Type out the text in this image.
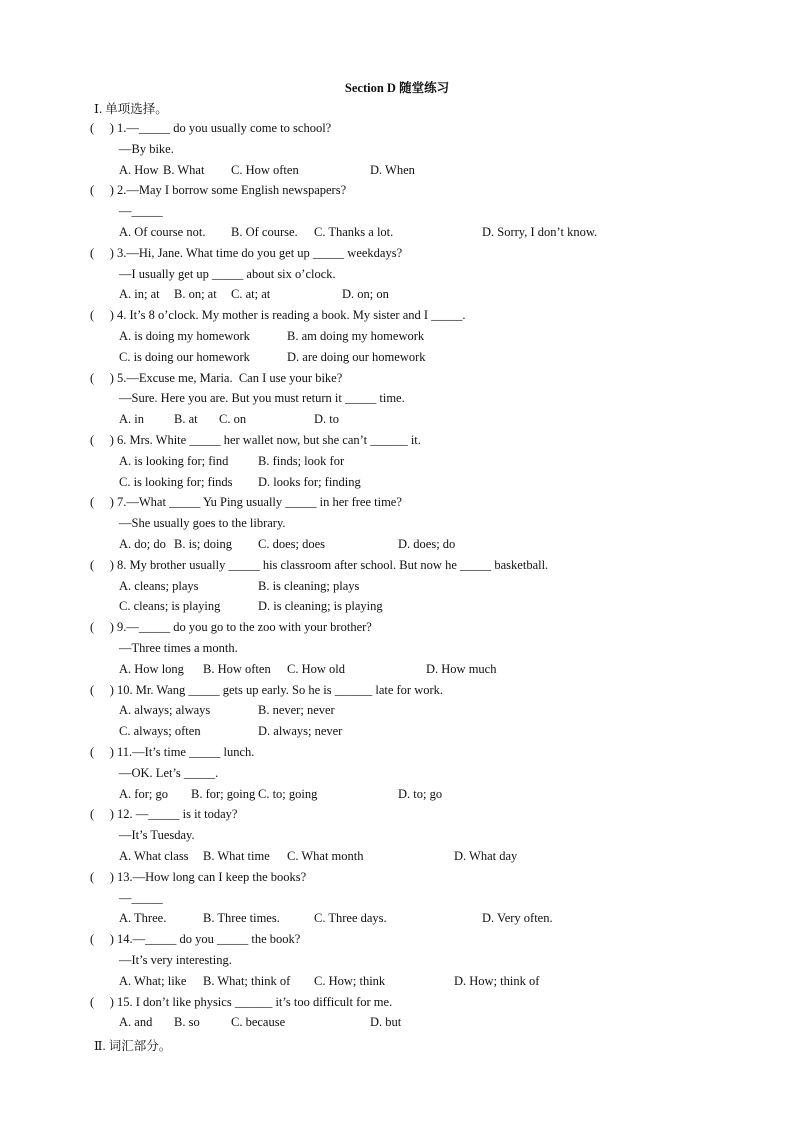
Section D 随堂练习
Ⅰ. 单项选择。
(     ) 1.—_____ do you usually come to school?
—By bike.
A. How B. What C. How often	D. When
(     ) 2.—May I borrow some English newspapers?
—_____
A. Of course not. B. Of course. C. Thanks a lot.	D. Sorry, I don’t know.
(     ) 3.—Hi, Jane. What time do you get up _____ weekdays?
—I usually get up _____ about six o’clock.
A. in; at B. on; at C. at; at	D. on; on
(     ) 4. It’s 8 o’clock. My mother is reading a book. My sister and I _____.
A. is doing my homework	B. am doing my homework
C. is doing our homework	D. are doing our homework
(     ) 5.—Excuse me, Maria.  Can I use your bike?
—Sure. Here you are. But you must return it _____ time.
A. in B. at C. on	D. to
(     ) 6. Mrs. White _____ her wallet now, but she can’t ______ it.
A. is looking for; find B. finds; look for
C. is looking for; finds D. looks for; finding
(     ) 7.—What _____ Yu Ping usually _____ in her free time?
—She usually goes to the library.
A. do; do B. is; doing C. does; does	D. does; do
(     ) 8. My brother usually _____ his classroom after school. But now he _____ basketball.
A. cleans; plays	B. is cleaning; plays
C. cleans; is playing	D. is cleaning; is playing
(     ) 9.—_____ do you go to the zoo with your brother?
—Three times a month.
A. How long B. How often C. How old	D. How much
(     ) 10. Mr. Wang _____ gets up early. So he is ______ late for work.
A. always; always	B. never; never
C. always; often	D. always; never
(     ) 11.—It’s time _____ lunch.
—OK. Let’s _____.
A. for; go B. for; going C. to; going	D. to; go
(     ) 12. —_____ is it today?
—It’s Tuesday.
A. What class B. What time C. What month	D. What day
(     ) 13.—How long can I keep the books?
—_____
A. Three.	B. Three times.	C. Three days.	D. Very often.
(     ) 14.—_____ do you _____ the book?
—It’s very interesting.
A. What; like B. What; think of C. How; think	D. How; think of
(     ) 15. I don’t like physics ______ it’s too difficult for me.
A. and B. so	C. because	D. but
Ⅱ. 词汇部分。
